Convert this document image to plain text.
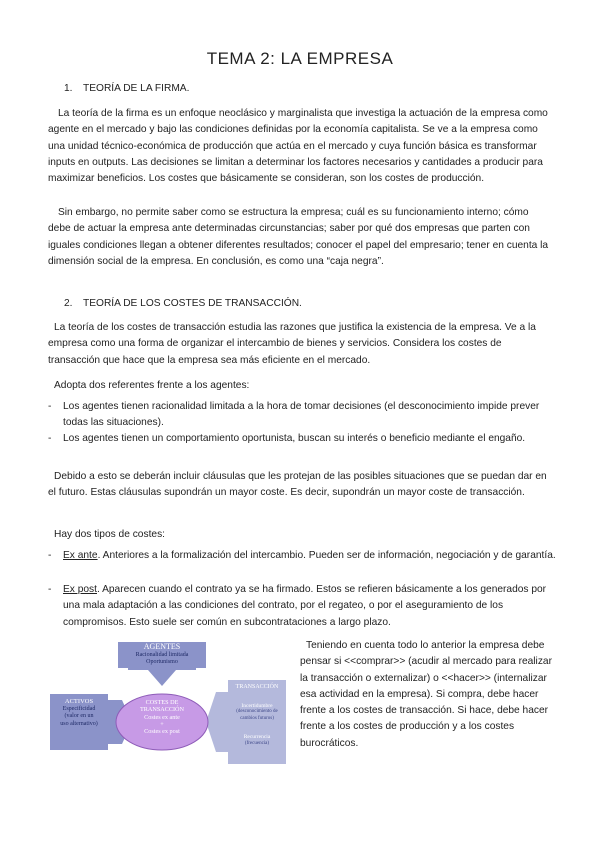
TEMA 2: LA EMPRESA
1. TEORÍA DE LA FIRMA.
La teoría de la firma es un enfoque neoclásico y marginalista que investiga la actuación de la empresa como agente en el mercado y bajo las condiciones definidas por la economía capitalista. Se ve a la empresa como una unidad técnico-económica de producción que actúa en el mercado y cuya función básica es transformar inputs en outputs. Las decisiones se limitan a determinar los factores necesarios y cantidades a producir para maximizar beneficios. Los costes que básicamente se consideran, son los costes de producción.
Sin embargo, no permite saber como se estructura la empresa; cuál es su funcionamiento interno; cómo debe de actuar la empresa ante determinadas circunstancias; saber por qué dos empresas que parten con iguales condiciones llegan a obtener diferentes resultados; conocer el papel del empresario; tener en cuenta la dimensión social de la empresa. En conclusión, es como una “caja negra”.
2. TEORÍA DE LOS COSTES DE TRANSACCIÓN.
La teoría de los costes de transacción estudia las razones que justifica la existencia de la empresa. Ve a la empresa como una forma de organizar el intercambio de bienes y servicios. Considera los costes de transacción que hace que la empresa sea más eficiente en el mercado.
Adopta dos referentes frente a los agentes:
- Los agentes tienen racionalidad limitada a la hora de tomar decisiones (el desconocimiento impide prever todas las situaciones).
- Los agentes tienen un comportamiento oportunista, buscan su interés o beneficio mediante el engaño.
Debido a esto se deberán incluir cláusulas que les protejan de las posibles situaciones que se puedan dar en el futuro. Estas cláusulas supondrán un mayor coste. Es decir, supondrán un mayor coste de transacción.
Hay dos tipos de costes:
- Ex ante. Anteriores a la formalización del intercambio. Pueden ser de información, negociación y de garantía.
- Ex post. Aparecen cuando el contrato ya se ha firmado. Estos se refieren básicamente a los generados por una mala adaptación a las condiciones del contrato, por el regateo, o por el aseguramiento de los compromisos. Esto suele ser común en subcontrataciones a largo plazo.
AGENTES
Racionalidad limitada
Oportunismo
ACTIVOS
Especificidad
(valor en un
uso alternativo)
COSTES DE
TRANSACCIÓN
Costes ex ante
+
Costes ex post
TRANSACCIÓN
Incertidumbre
(desconocimiento de
cambios futuros)
Recurrencia
(frecuencia)
Teniendo en cuenta todo lo anterior la empresa debe pensar si <<comprar>> (acudir al mercado para realizar la transacción o externalizar) o <<hacer>> (internalizar esa actividad en la empresa). Si compra, debe hacer frente a los costes de transacción. Si hace, debe hacer frente a los costes de producción y a los costes burocráticos.
